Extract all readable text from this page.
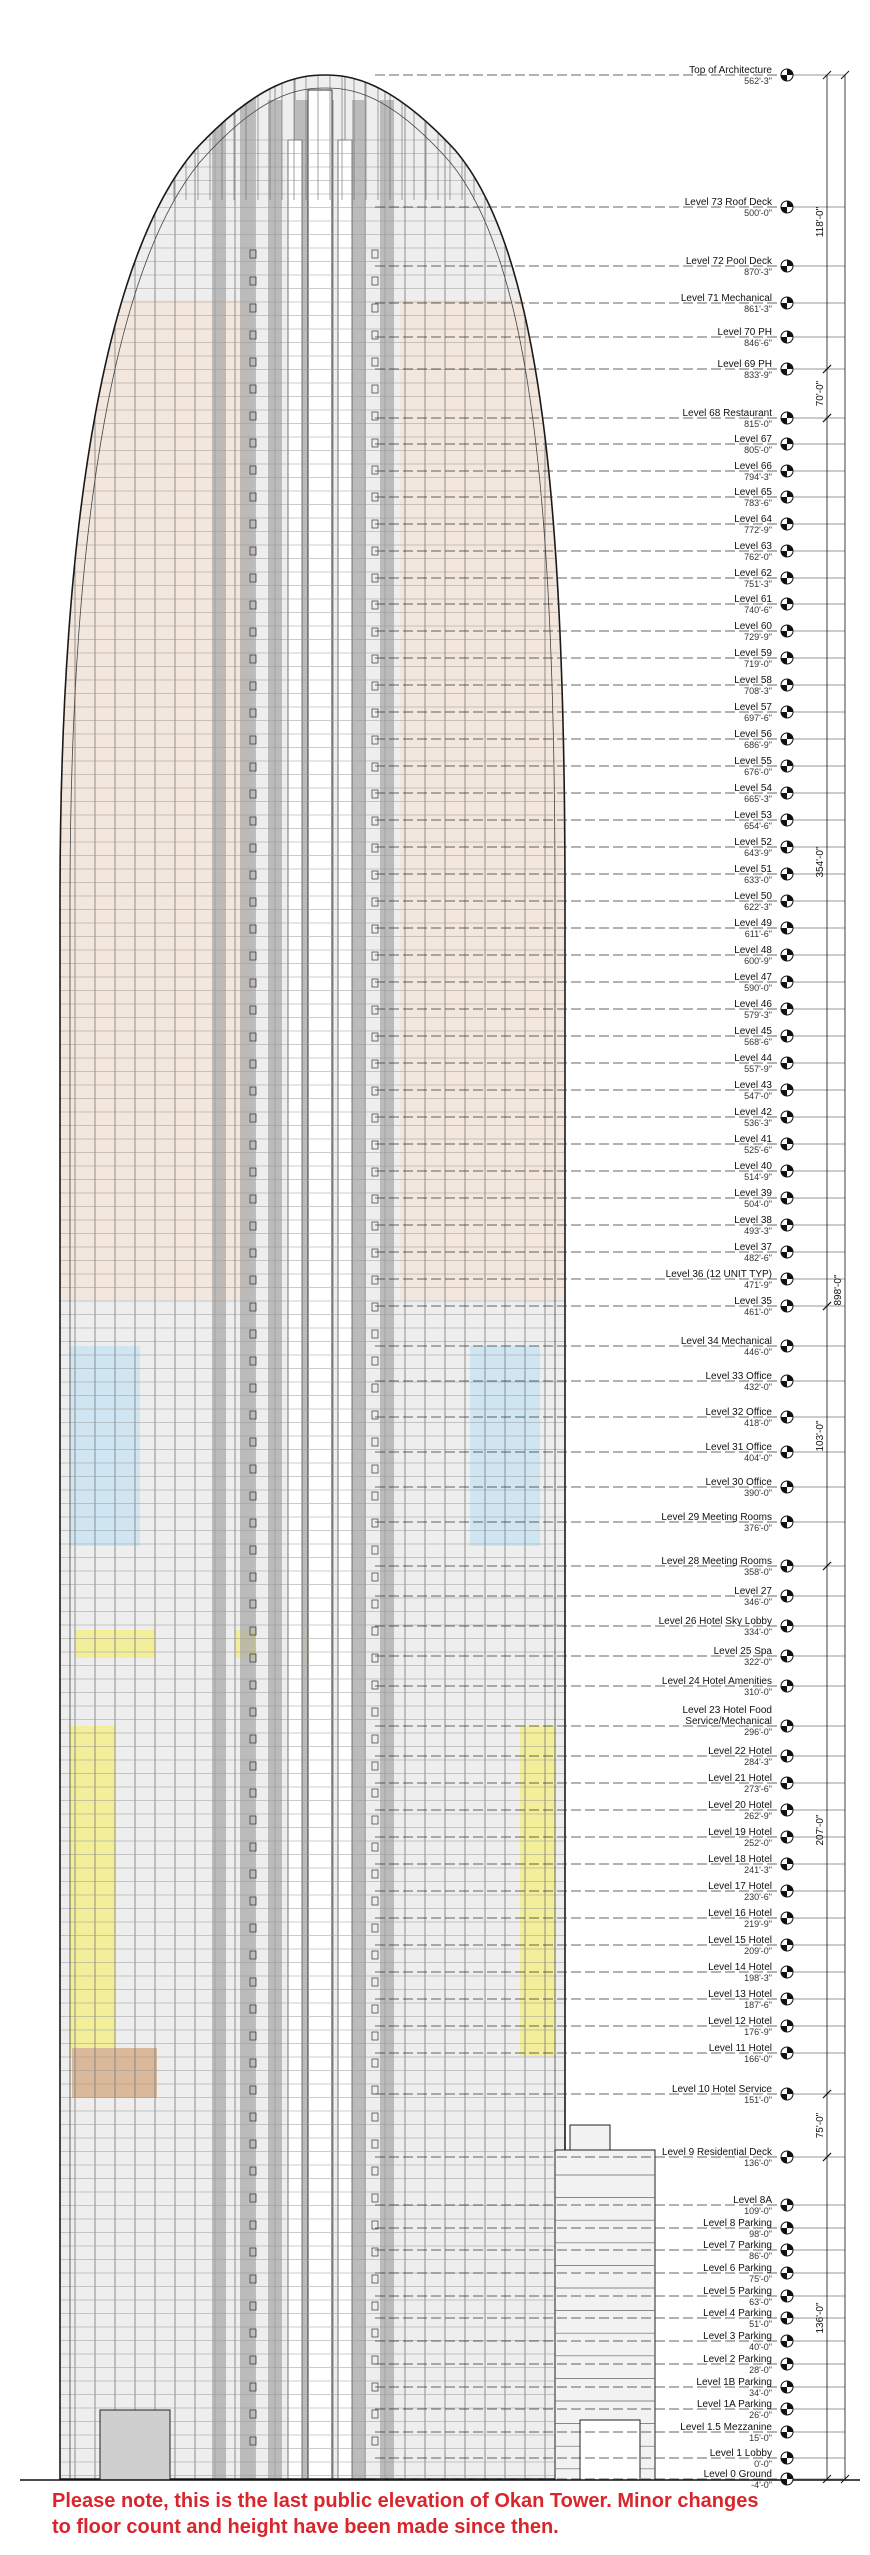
Top of Architecture
562'-3"
Level 73 Roof Deck
500'-0"
Level 72 Pool Deck
870'-3"
Level 71 Mechanical
861'-3"
Level 70 PH
846'-6"
Level 69 PH
833'-9"
Level 68 Restaurant
815'-0"
Level 67
805'-0"
Level 66
794'-3"
Level 65
783'-6"
Level 64
772'-9"
Level 63
762'-0"
Level 62
751'-3"
Level 61
740'-6"
Level 60
729'-9"
Level 59
719'-0"
Level 58
708'-3"
Level 57
697'-6"
Level 56
686'-9"
Level 55
676'-0"
Level 54
665'-3"
Level 53
654'-6"
Level 52
643'-9"
Level 51
633'-0"
Level 50
622'-3"
Level 49
611'-6"
Level 48
600'-9"
Level 47
590'-0"
Level 46
579'-3"
Level 45
568'-6"
Level 44
557'-9"
Level 43
547'-0"
Level 42
536'-3"
Level 41
525'-6"
Level 40
514'-9"
Level 39
504'-0"
Level 38
493'-3"
Level 37
482'-6"
Level 36 (12 UNIT TYP)
471'-9"
Level 35
461'-0"
Level 34 Mechanical
446'-0"
Level 33 Office
432'-0"
Level 32 Office
418'-0"
Level 31 Office
404'-0"
Level 30 Office
390'-0"
Level 29 Meeting Rooms
376'-0"
Level 28 Meeting Rooms
358'-0"
Level 27
346'-0"
Level 26 Hotel Sky Lobby
334'-0"
Level 25 Spa
322'-0"
Level 24 Hotel Amenities
310'-0"
Level 23 Hotel Food
Service/Mechanical
296'-0"
Level 22 Hotel
284'-3"
Level 21 Hotel
273'-6"
Level 20 Hotel
262'-9"
Level 19 Hotel
252'-0"
Level 18 Hotel
241'-3"
Level 17 Hotel
230'-6"
Level 16 Hotel
219'-9"
Level 15 Hotel
209'-0"
Level 14 Hotel
198'-3"
Level 13 Hotel
187'-6"
Level 12 Hotel
176'-9"
Level 11 Hotel
166'-0"
Level 10 Hotel Service
151'-0"
Level 9 Residential Deck
136'-0"
Level 8A
109'-0"
Level 8 Parking
98'-0"
Level 7 Parking
86'-0"
Level 6 Parking
75'-0"
Level 5 Parking
63'-0"
Level 4 Parking
51'-0"
Level 3 Parking
40'-0"
Level 2 Parking
28'-0"
Level 1B Parking
34'-0"
Level 1A Parking
26'-0"
Level 1.5 Mezzanine
15'-0"
Level 1 Lobby
0'-0"
Level 0 Ground
-4'-0"
118'-0"
70'-0"
354'-0"
103'-0"
207'-0"
75'-0"
136'-0"
898'-0"
Please note, this is the last public elevation of Okan Tower. Minor changes
to floor count and height have been made since then.
